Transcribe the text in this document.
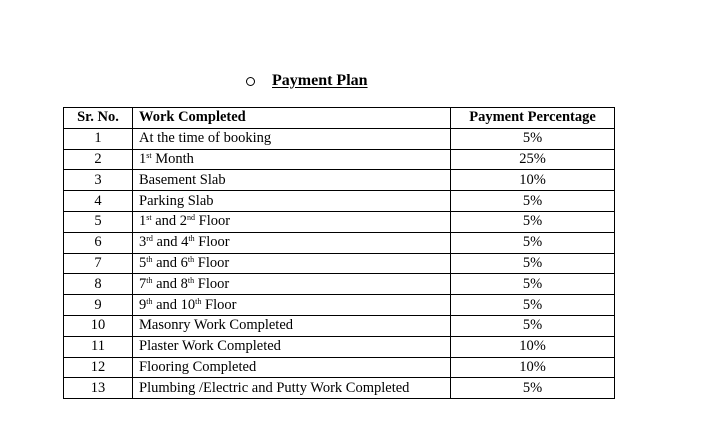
Payment Plan
Sr. No.	Work Completed	Payment Percentage
1	At the time of booking	5%
2	1st Month	25%
3	Basement Slab	10%
4	Parking Slab	5%
5	1st and 2nd Floor	5%
6	3rd and 4th Floor	5%
7	5th and 6th Floor	5%
8	7th and 8th Floor	5%
9	9th and 10th Floor	5%
10	Masonry Work Completed	5%
11	Plaster Work Completed	10%
12	Flooring Completed	10%
13	Plumbing /Electric and Putty Work Completed	5%
